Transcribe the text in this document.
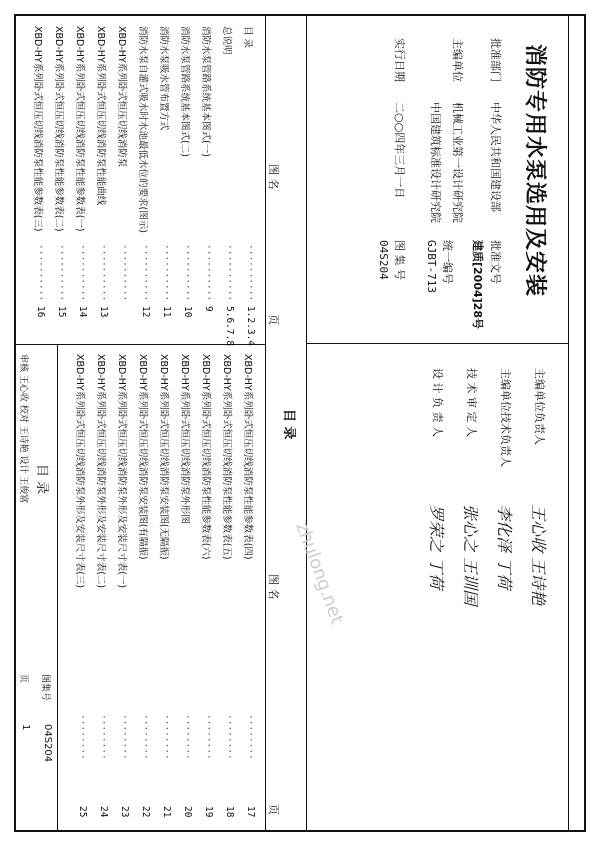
消防专用水泵选用及安装
批准部门
中华人民共和国建设部
批准文号
建质[2004]28号
主编单位
机械工业第一设计研究院
中国建筑标准设计研究院
统一编号
GJBT-713
图 集 号
04S204
实行日期
二○○四年三月一日
主编单位负责人
王心收 王诗艳
主编单位技术负责人
李化泽 丁荷
技 术 审 定 人
张心之 王训国
设 计 负 责 人
罗荣之 丁荷
目 录
图 名
页
图 名
页
目 录
··········
1.2.3.4
总说明
··········
5.6.7.8
消防水泵管路系统基本图式(一)
··········
9
消防水泵管路系统基本图式(二)
··········
10
消防水泵吸水管布置方式
··········
11
消防水泵自灌式吸水时水池最低水位的要求(图示)
··········
12
XBD-HY系列卧式恒压切线消防泵
··········
XBD-HY系列卧式恒压切线消防泵性能曲线
··········
13
XBD-HY系列卧式恒压切线消防泵性能参数表(一)
··········
14
XBD-HY系列卧式恒压切线消防泵性能参数表(二)
··········
15
XBD-HY系列卧式恒压切线消防泵性能参数表(三)
··········
16
XBD-HY系列卧式恒压切线消防泵性能参数表(四)
········
17
XBD-HY系列卧式恒压切线消防泵性能参数表(五)
········
18
XBD-HY系列卧式恒压切线消防泵性能参数表(六)
········
19
XBD-HY系列卧式恒压切线消防泵外形图
········
20
XBD-HY系列卧式恒压切线消防泵安装图(无隔振)
········
21
XBD-HY系列卧式恒压切线消防泵安装图(有隔振)
········
22
XBD-HY系列卧式恒压切线消防泵外形及安装尺寸表(一)
········
23
XBD-HY系列卧式恒压切线消防泵外形及安装尺寸表(二)
········
24
XBD-HY系列卧式恒压切线消防泵外形及安装尺寸表(三)
········
25
目 录
审核 王心收 校对 王诗艳 设计 王俊富
图集号
04S204
页
1
zhulong.net
